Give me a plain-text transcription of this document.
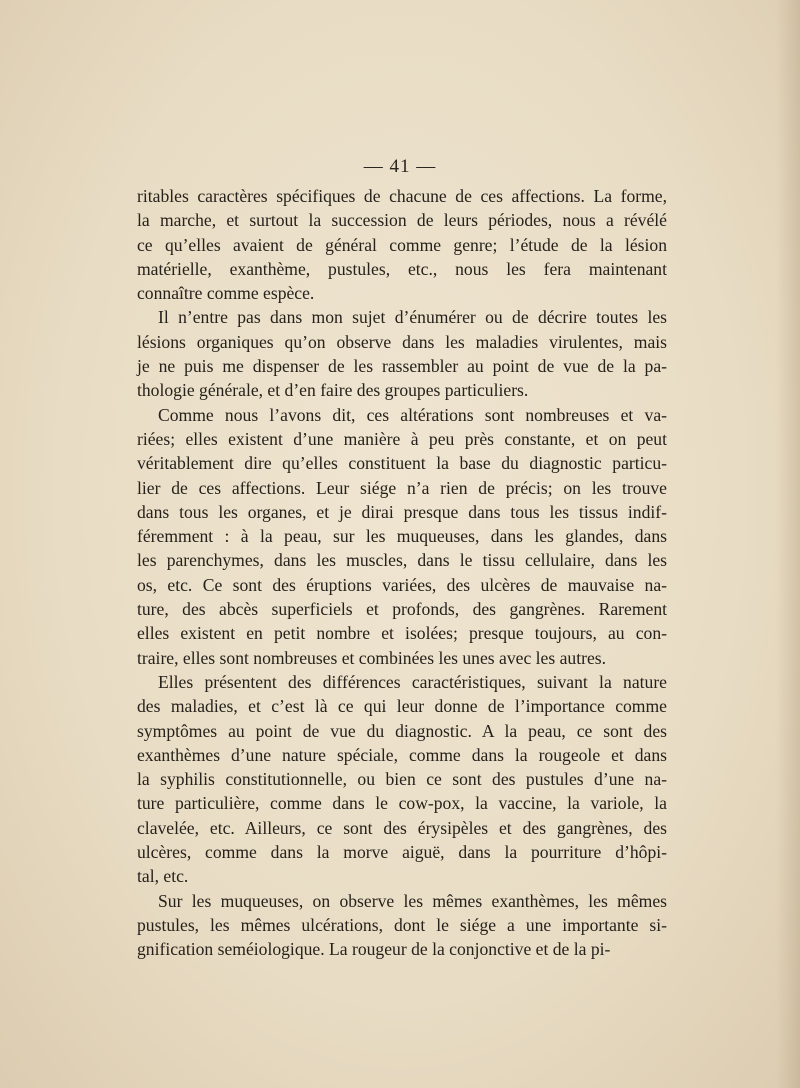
— 41 —
ritables caractères spécifiques de chacune de ces affections. La forme,
la marche, et surtout la succession de leurs périodes, nous a révélé
ce qu’elles avaient de général comme genre; l’étude de la lésion
matérielle, exanthème, pustules, etc., nous les fera maintenant
connaître comme espèce.
Il n’entre pas dans mon sujet d’énumérer ou de décrire toutes les
lésions organiques qu’on observe dans les maladies virulentes, mais
je ne puis me dispenser de les rassembler au point de vue de la pa-
thologie générale, et d’en faire des groupes particuliers.
Comme nous l’avons dit, ces altérations sont nombreuses et va-
riées; elles existent d’une manière à peu près constante, et on peut
véritablement dire qu’elles constituent la base du diagnostic particu-
lier de ces affections. Leur siége n’a rien de précis; on les trouve
dans tous les organes, et je dirai presque dans tous les tissus indif-
féremment : à la peau, sur les muqueuses, dans les glandes, dans
les parenchymes, dans les muscles, dans le tissu cellulaire, dans les
os, etc. Ce sont des éruptions variées, des ulcères de mauvaise na-
ture, des abcès superficiels et profonds, des gangrènes. Rarement
elles existent en petit nombre et isolées; presque toujours, au con-
traire, elles sont nombreuses et combinées les unes avec les autres.
Elles présentent des différences caractéristiques, suivant la nature
des maladies, et c’est là ce qui leur donne de l’importance comme
symptômes au point de vue du diagnostic. A la peau, ce sont des
exanthèmes d’une nature spéciale, comme dans la rougeole et dans
la syphilis constitutionnelle, ou bien ce sont des pustules d’une na-
ture particulière, comme dans le cow-pox, la vaccine, la variole, la
clavelée, etc. Ailleurs, ce sont des érysipèles et des gangrènes, des
ulcères, comme dans la morve aiguë, dans la pourriture d’hôpi-
tal, etc.
Sur les muqueuses, on observe les mêmes exanthèmes, les mêmes
pustules, les mêmes ulcérations, dont le siége a une importante si-
gnification seméiologique. La rougeur de la conjonctive et de la pi-
